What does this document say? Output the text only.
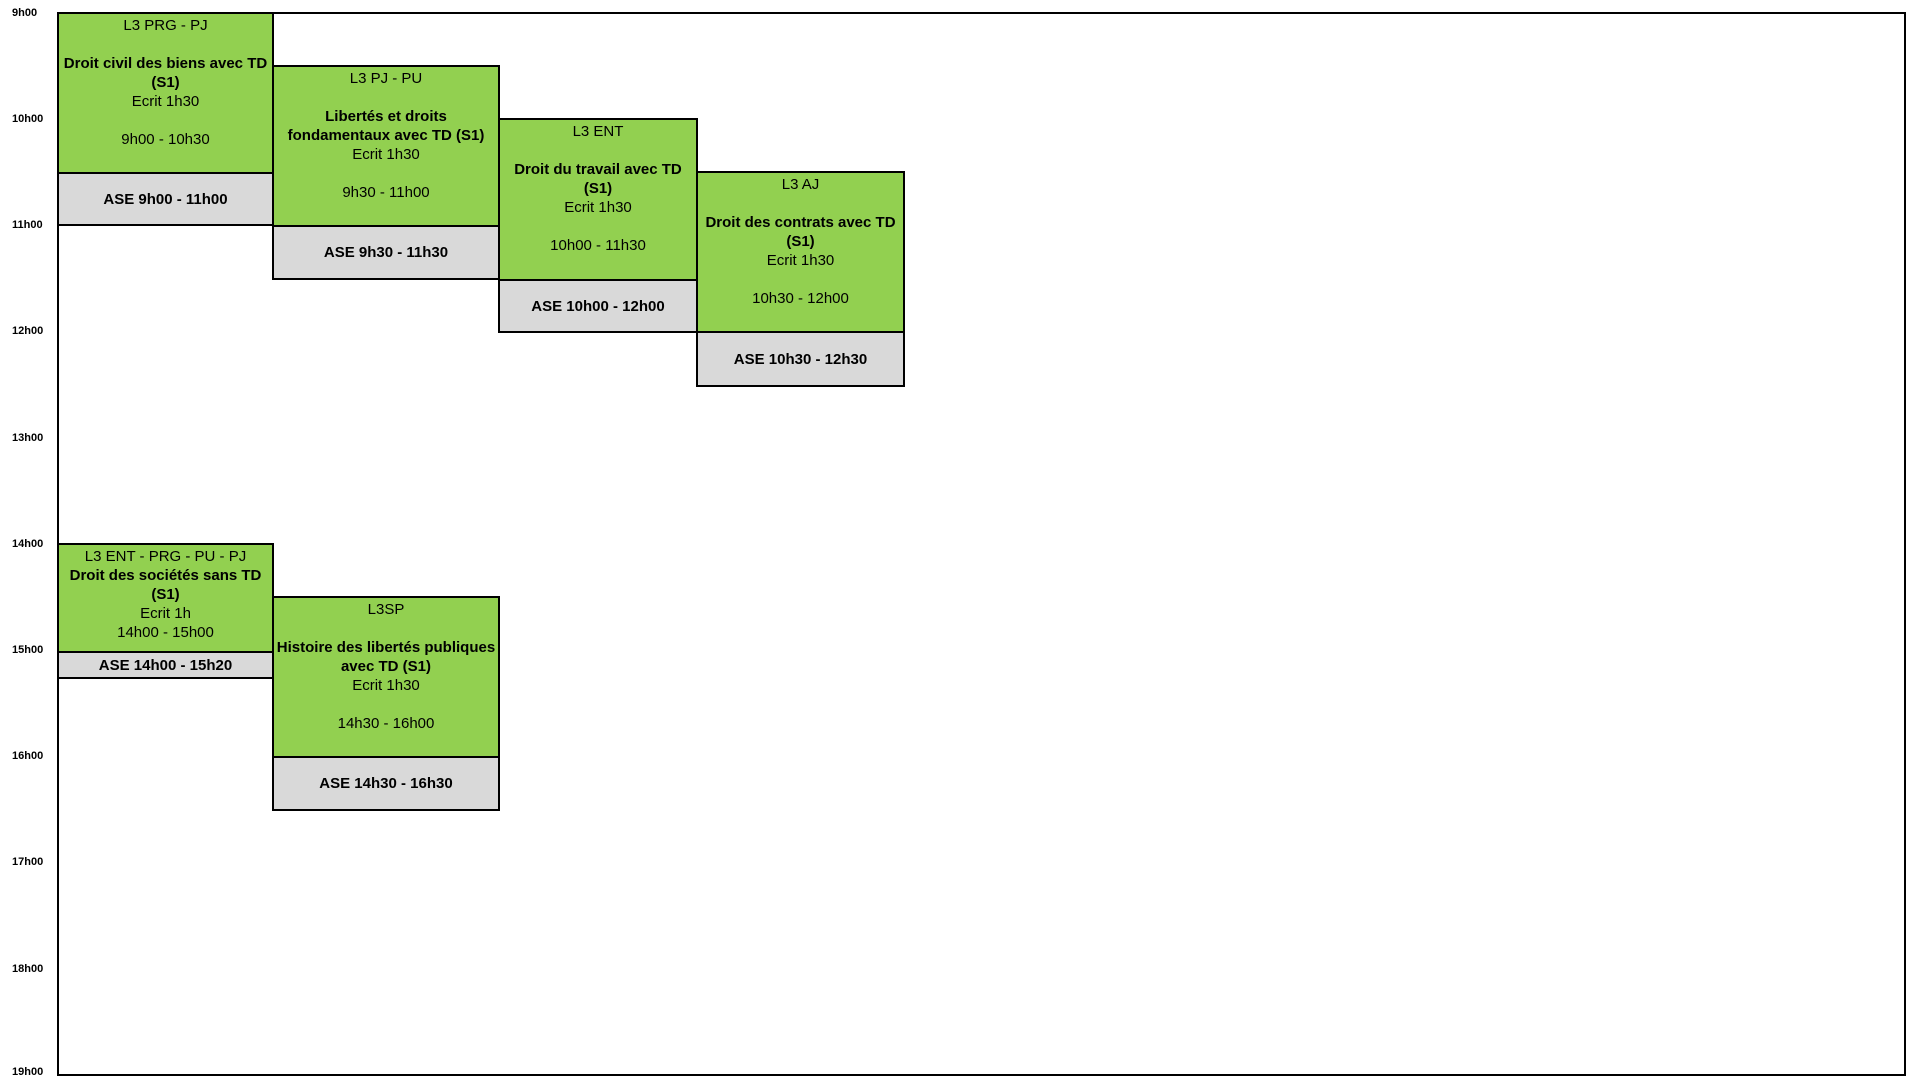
9h00
10h00
11h00
12h00
13h00
14h00
15h00
16h00
17h00
18h00
19h00
L3 PRG - PJ
Droit civil des biens avec TD (S1)
Ecrit 1h30
9h00 - 10h30
ASE 9h00 - 11h00
L3 PJ - PU
Libertés et droits fondamentaux avec TD (S1)
Ecrit 1h30
9h30 - 11h00
ASE 9h30 - 11h30
L3 ENT
Droit du travail avec TD (S1)
Ecrit 1h30
10h00 - 11h30
ASE 10h00 - 12h00
L3 AJ
Droit des contrats avec TD (S1)
Ecrit 1h30
10h30 - 12h00
ASE 10h30 - 12h30
L3 ENT - PRG - PU - PJ
Droit des sociétés sans TD (S1)
Ecrit 1h
14h00 - 15h00
ASE 14h00 - 15h20
L3SP
Histoire des libertés publiques avec TD (S1)
Ecrit 1h30
14h30 - 16h00
ASE 14h30 - 16h30
